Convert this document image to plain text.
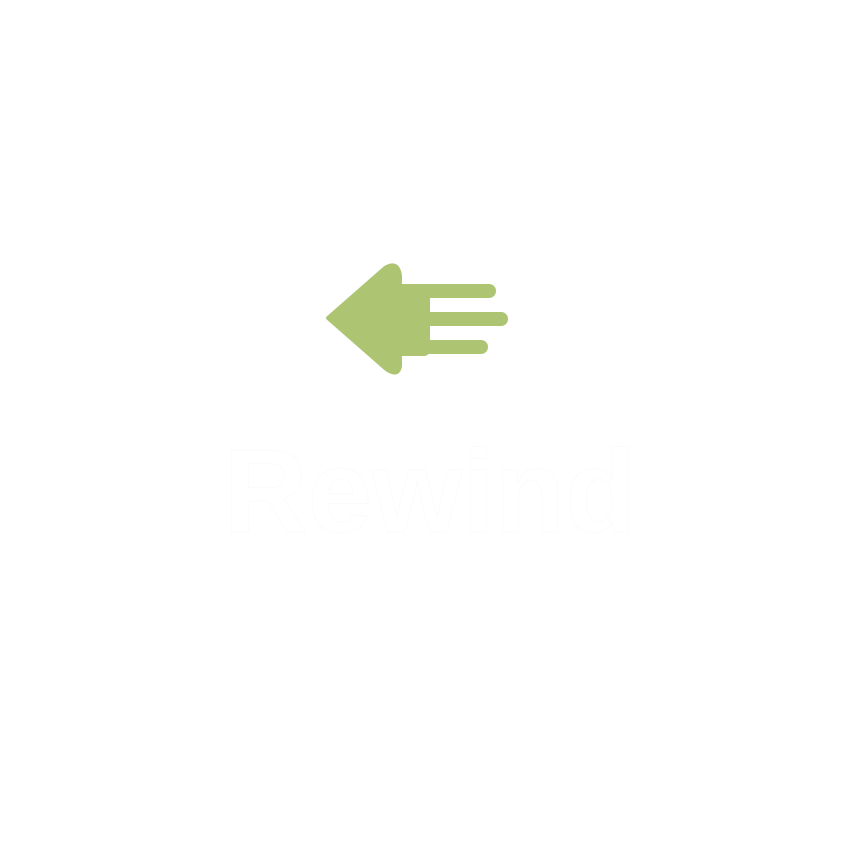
Rewind
